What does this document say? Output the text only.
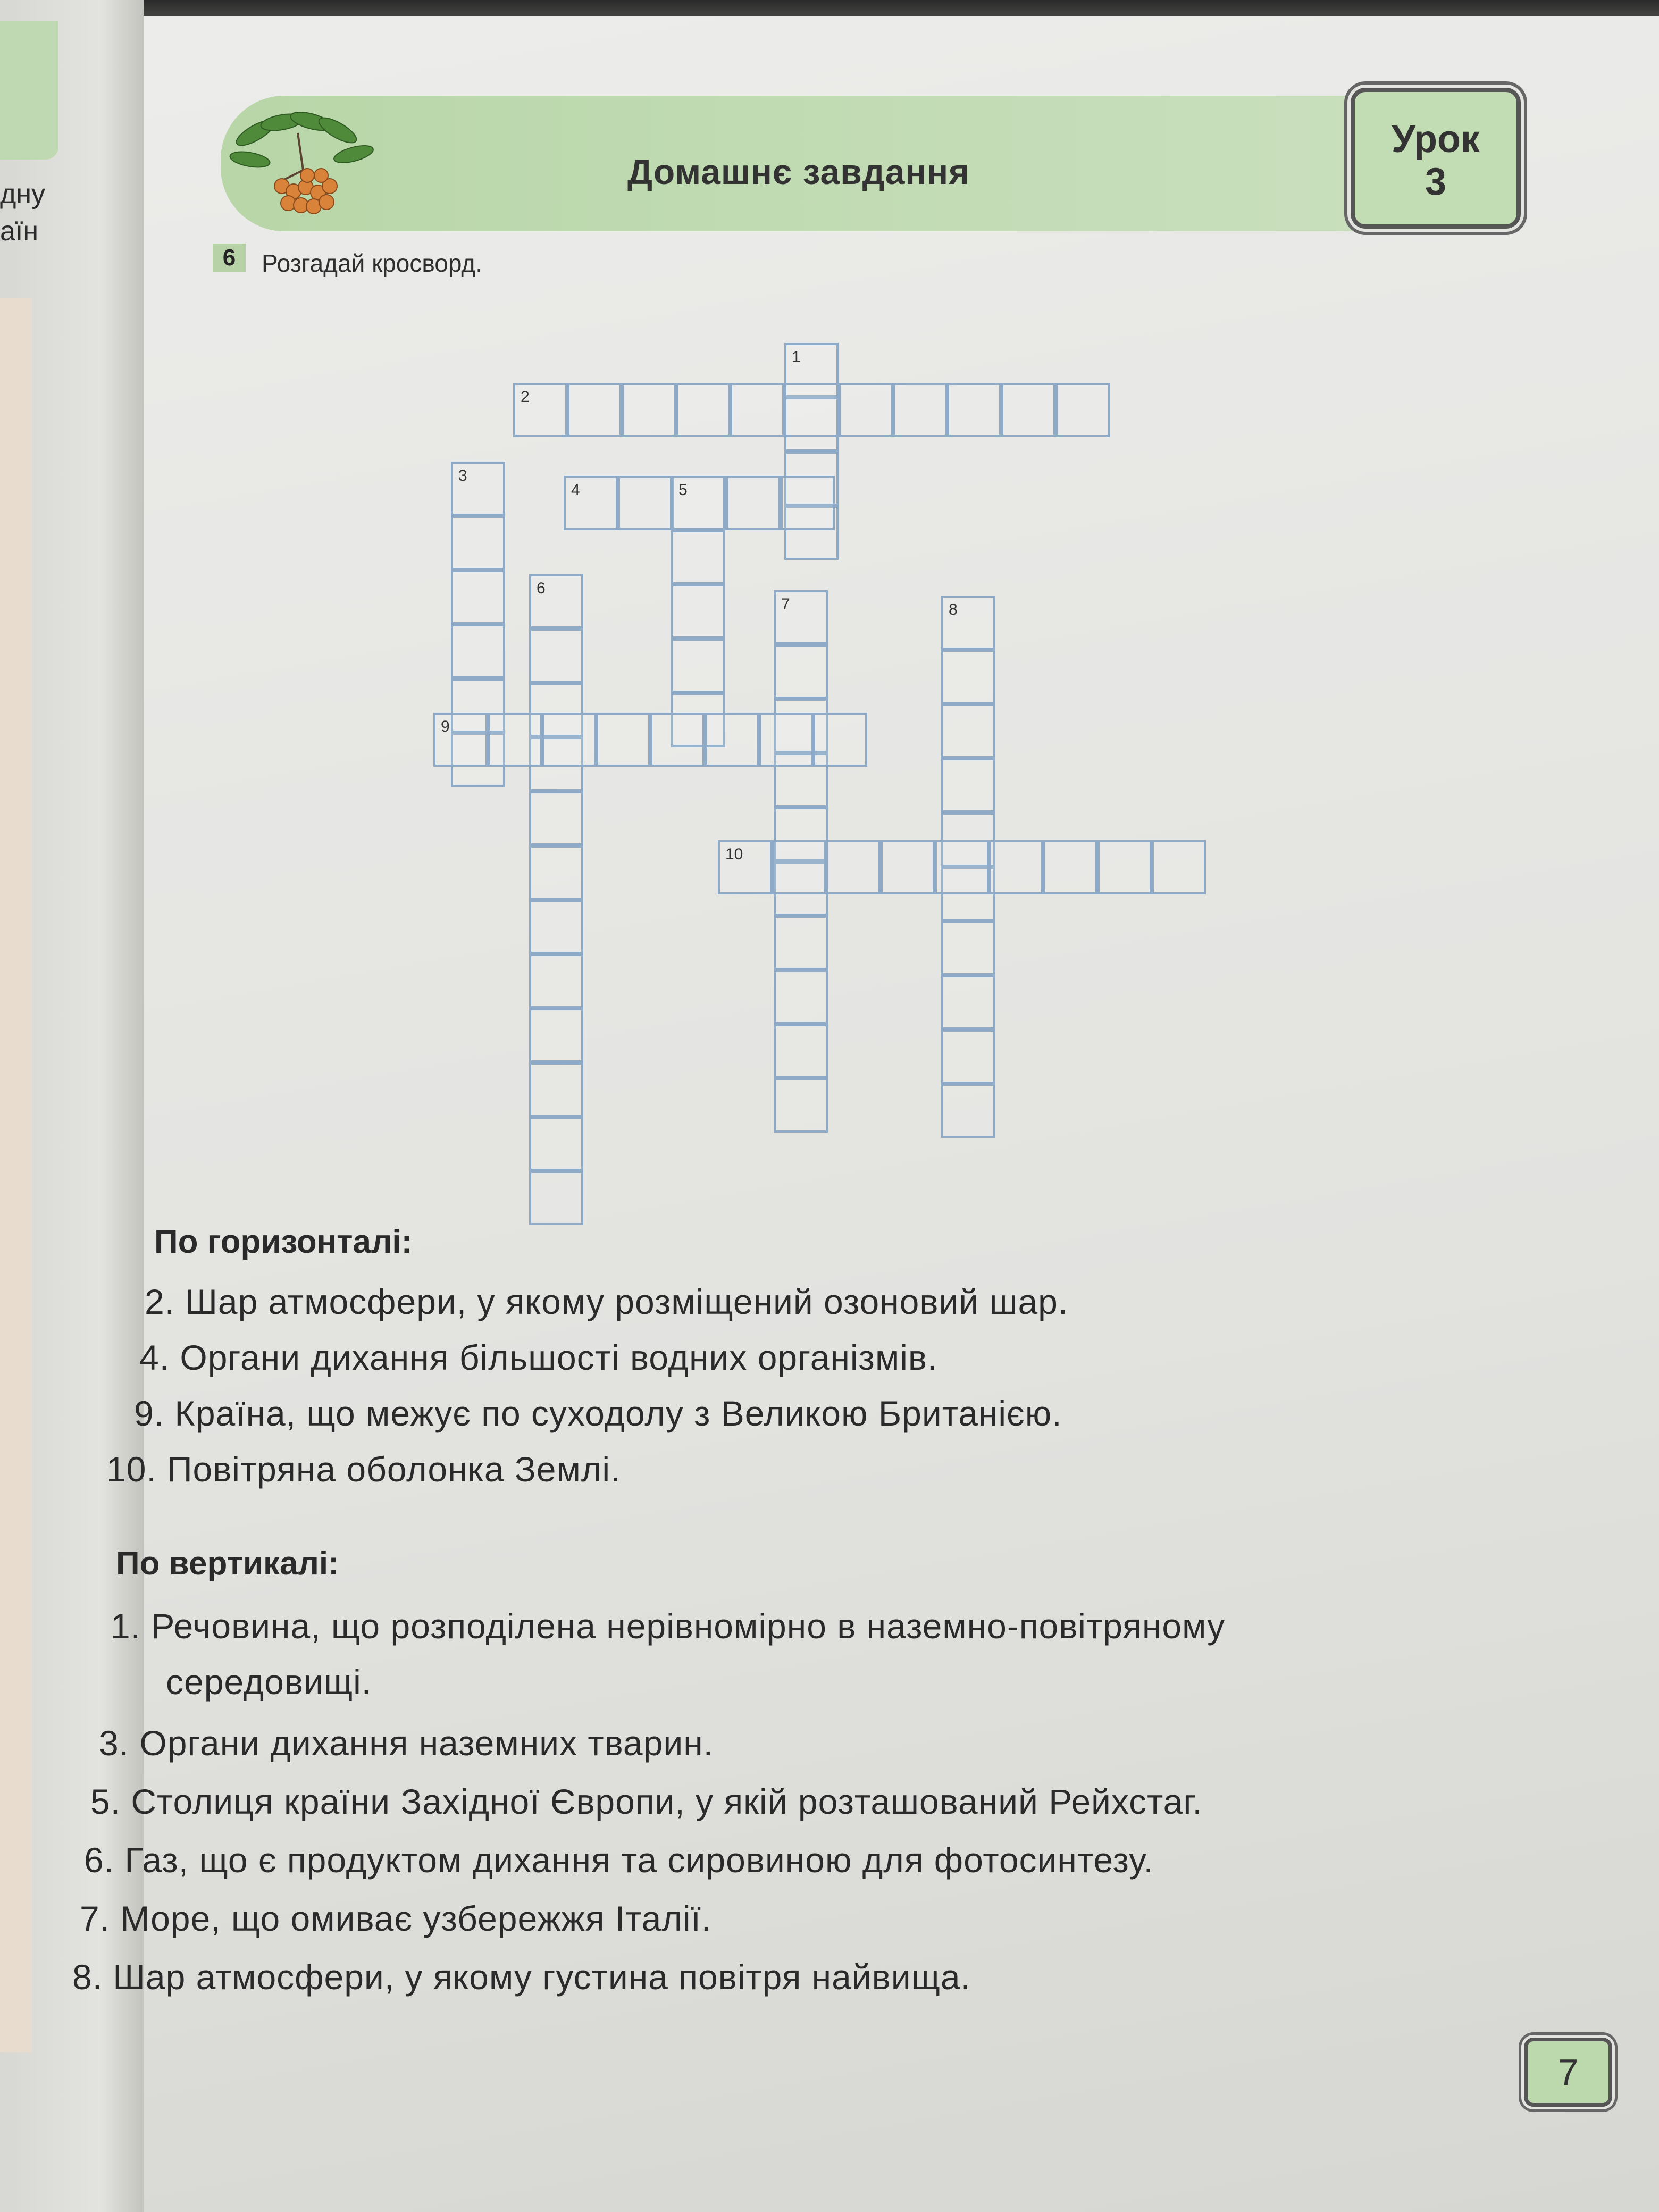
дну
аїн
Домашнє завдання
Урок
3
6	Розгадай кросворд.
1
2
3
4	5
6
7	8
9
10
По горизонталі:
2. Шар атмосфери, у якому розміщений озоновий шар.
4. Органи дихання більшості водних організмів.
9. Країна, що межує по суходолу з Великою Британією.
10. Повітряна оболонка Землі.
По вертикалі:
1. Речовина, що розподілена нерівномірно в наземно-повітряному
середовищі.
3. Органи дихання наземних тварин.
5. Столиця країни Західної Європи, у якій розташований Рейхстаг.
6. Газ, що є продуктом дихання та сировиною для фотосинтезу.
7. Море, що омиває узбережжя Італії.
8. Шар атмосфери, у якому густина повітря найвища.
7
